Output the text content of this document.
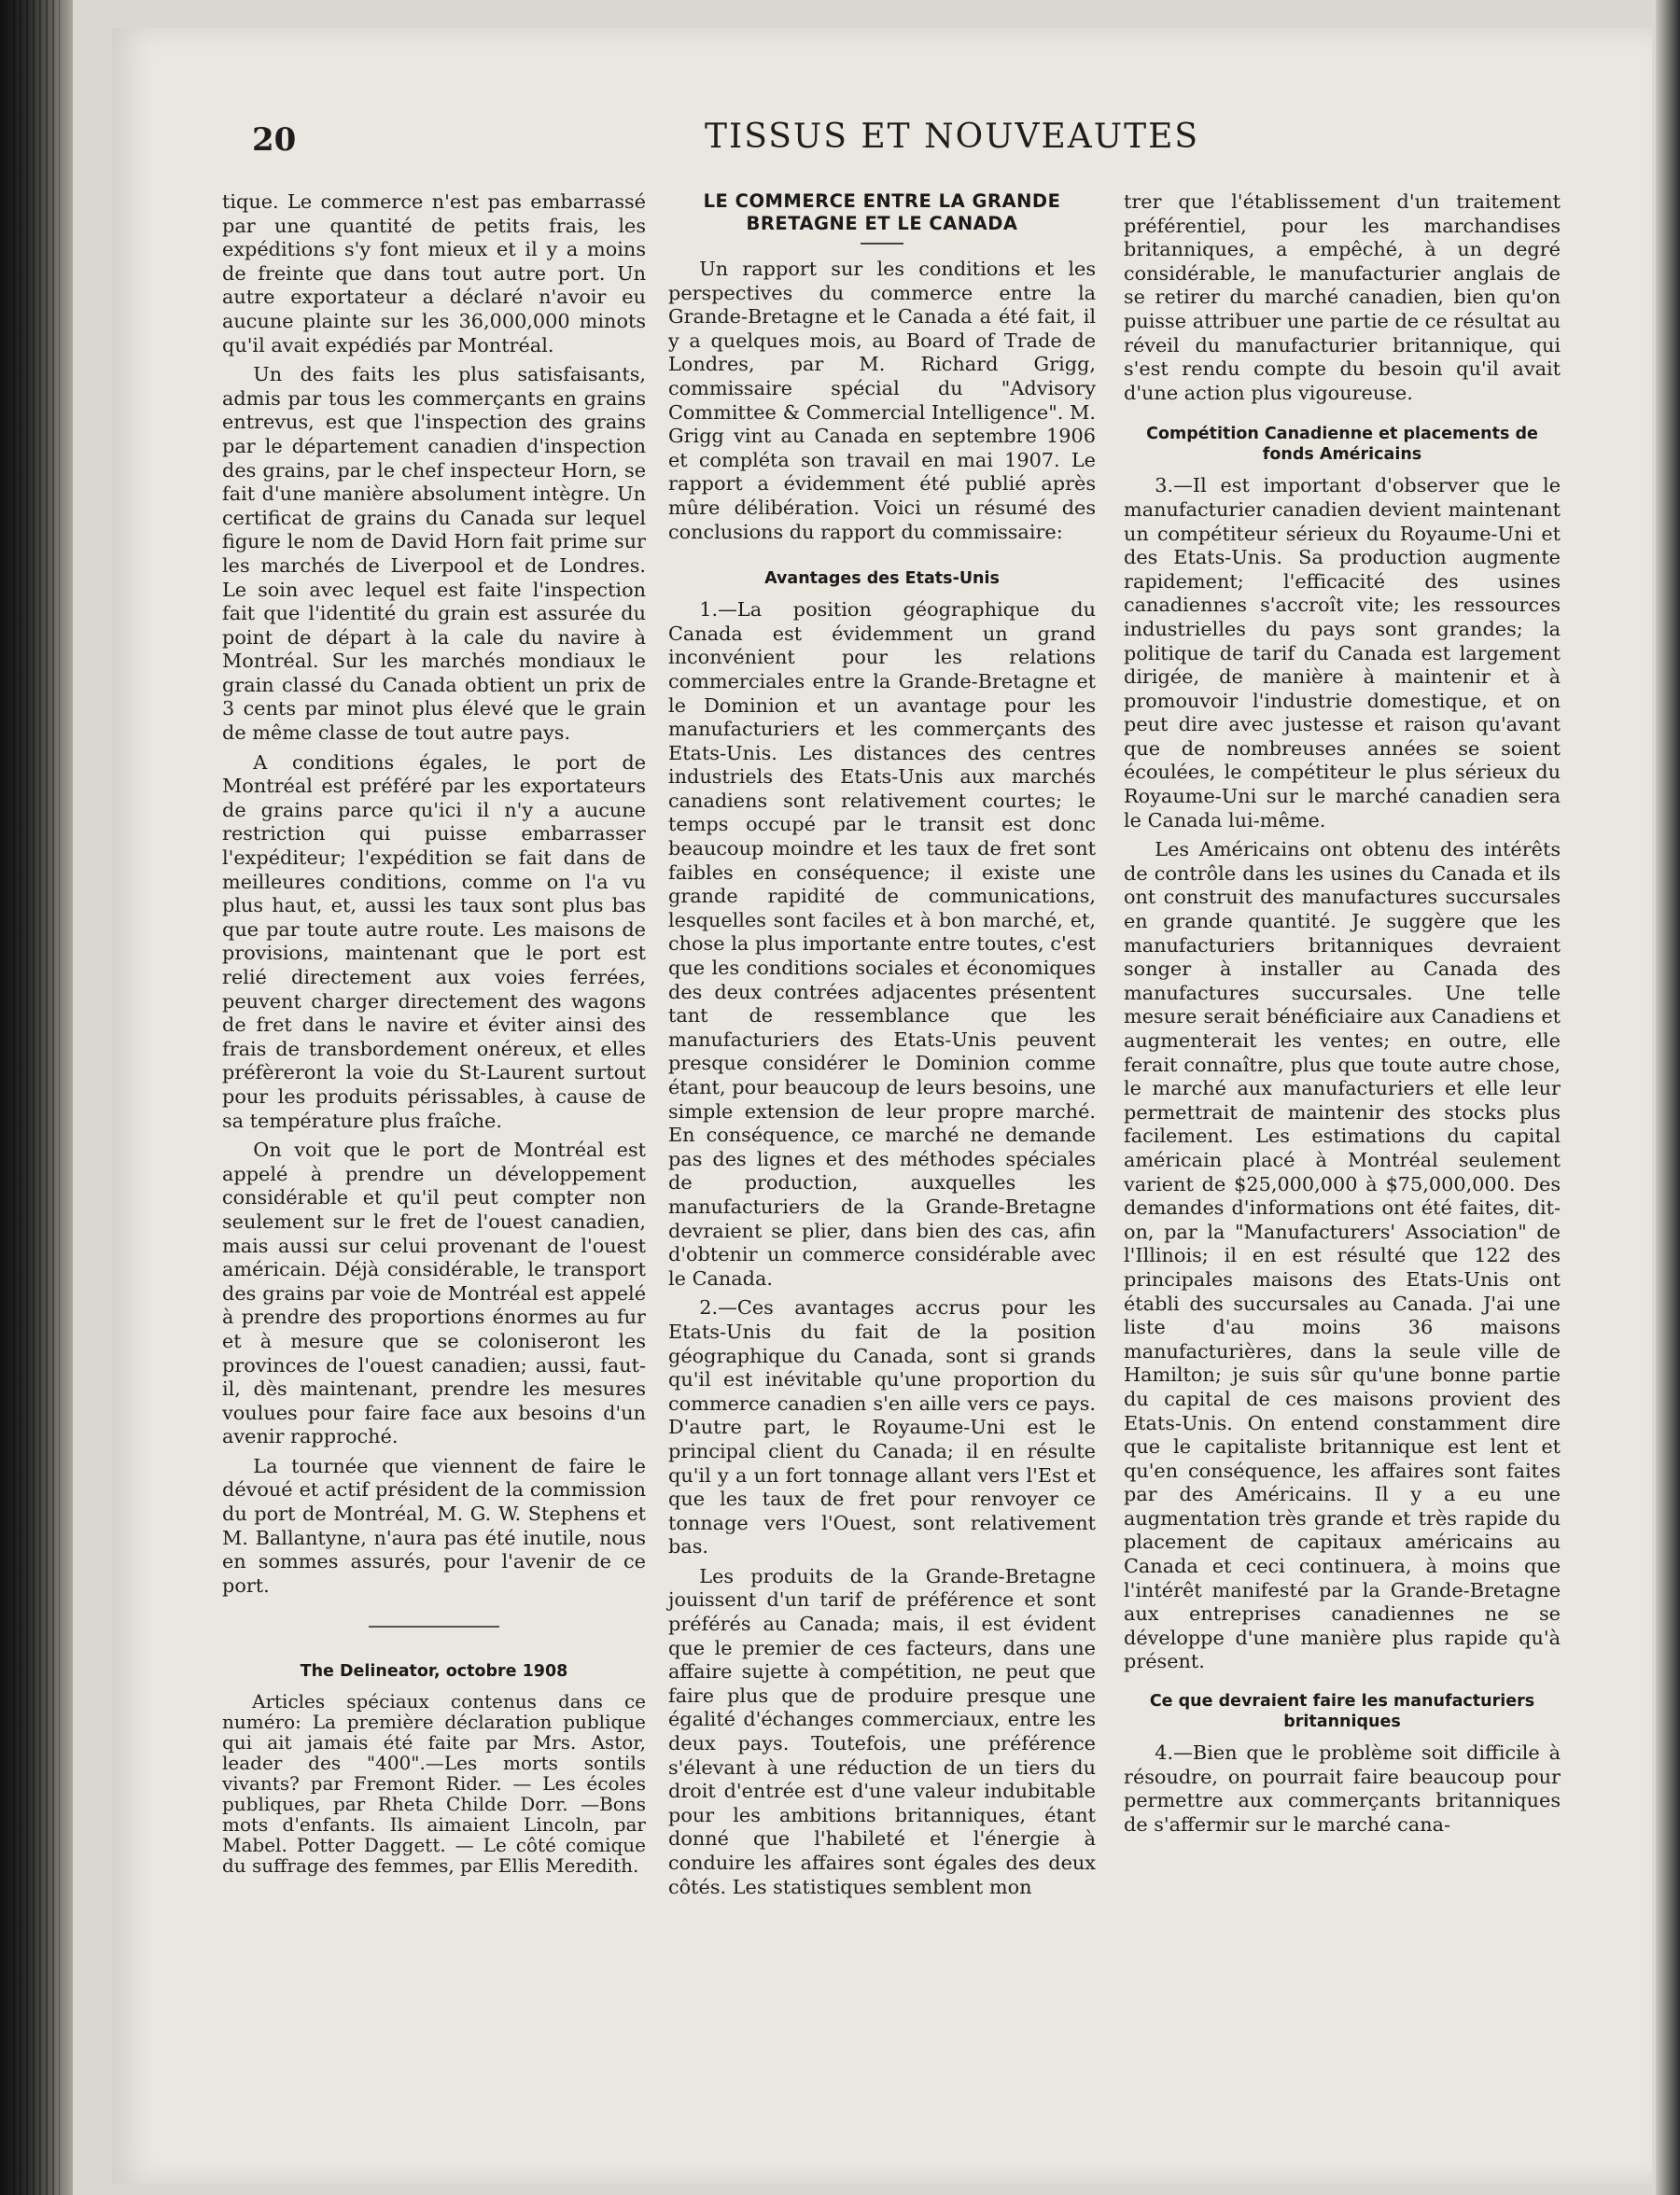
20	TISSUS ET NOUVEAUTES

tique. Le commerce n'est pas embarrassé par une quantité de petits frais, les expéditions s'y font mieux et il y a moins de freinte que dans tout autre port. Un autre exportateur a déclaré n'avoir eu aucune plainte sur les 36,000,000 minots qu'il avait expédiés par Montréal.

Un des faits les plus satisfaisants, admis par tous les commerçants en grains entrevus, est que l'inspection des grains par le département canadien d'inspection des grains, par le chef inspecteur Horn, se fait d'une manière absolument intègre. Un certificat de grains du Canada sur lequel figure le nom de David Horn fait prime sur les marchés de Liverpool et de Londres. Le soin avec lequel est faite l'inspection fait que l'identité du grain est assurée du point de départ à la cale du navire à Montréal. Sur les marchés mondiaux le grain classé du Canada obtient un prix de 3 cents par minot plus élevé que le grain de même classe de tout autre pays.

A conditions égales, le port de Montréal est préféré par les exportateurs de grains parce qu'ici il n'y a aucune restriction qui puisse embarrasser l'expéditeur; l'expédition se fait dans de meilleures conditions, comme on l'a vu plus haut, et, aussi les taux sont plus bas que par toute autre route. Les maisons de provisions, maintenant que le port est relié directement aux voies ferrées, peuvent charger directement des wagons de fret dans le navire et éviter ainsi des frais de transbordement onéreux, et elles préfèreront la voie du St-Laurent surtout pour les produits périssables, à cause de sa température plus fraîche.

On voit que le port de Montréal est appelé à prendre un développement considérable et qu'il peut compter non seulement sur le fret de l'ouest canadien, mais aussi sur celui provenant de l'ouest américain. Déjà considérable, le transport des grains par voie de Montréal est appelé à prendre des proportions énormes au fur et à mesure que se coloniseront les provinces de l'ouest canadien; aussi, faut-il, dès maintenant, prendre les mesures voulues pour faire face aux besoins d'un avenir rapproché.

La tournée que viennent de faire le dévoué et actif président de la commission du port de Montréal, M. G. W. Stephens et M. Ballantyne, n'aura pas été inutile, nous en sommes assurés, pour l'avenir de ce port.

The Delineator, octobre 1908
Articles spéciaux contenus dans ce numéro: La première déclaration publique qui ait jamais été faite par Mrs. Astor, leader des "400".—Les morts sontils vivants? par Fremont Rider. — Les écoles publiques, par Rheta Childe Dorr. —Bons mots d'enfants. Ils aimaient Lincoln, par Mabel. Potter Daggett. — Le côté comique du suffrage des femmes, par Ellis Meredith.
LE COMMERCE ENTRE LA GRANDE BRETAGNE ET LE CANADA

Un rapport sur les conditions et les perspectives du commerce entre la Grande-Bretagne et le Canada a été fait, il y a quelques mois, au Board of Trade de Londres, par M. Richard Grigg, commissaire spécial du "Advisory Committee & Commercial Intelligence". M. Grigg vint au Canada en septembre 1906 et compléta son travail en mai 1907. Le rapport a évidemment été publié après mûre délibération. Voici un résumé des conclusions du rapport du commissaire:

Avantages des Etats-Unis

1.—La position géographique du Canada est évidemment un grand inconvénient pour les relations commerciales entre la Grande-Bretagne et le Dominion et un avantage pour les manufacturiers et les commerçants des Etats-Unis. Les distances des centres industriels des Etats-Unis aux marchés canadiens sont relativement courtes; le temps occupé par le transit est donc beaucoup moindre et les taux de fret sont faibles en conséquence; il existe une grande rapidité de communications, lesquelles sont faciles et à bon marché, et, chose la plus importante entre toutes, c'est que les conditions sociales et économiques des deux contrées adjacentes présentent tant de ressemblance que les manufacturiers des Etats-Unis peuvent presque considérer le Dominion comme étant, pour beaucoup de leurs besoins, une simple extension de leur propre marché. En conséquence, ce marché ne demande pas des lignes et des méthodes spéciales de production, auxquelles les manufacturiers de la Grande-Bretagne devraient se plier, dans bien des cas, afin d'obtenir un commerce considérable avec le Canada.

2.—Ces avantages accrus pour les Etats-Unis du fait de la position géographique du Canada, sont si grands qu'il est inévitable qu'une proportion du commerce canadien s'en aille vers ce pays. D'autre part, le Royaume-Uni est le principal client du Canada; il en résulte qu'il y a un fort tonnage allant vers l'Est et que les taux de fret pour renvoyer ce tonnage vers l'Ouest, sont relativement bas.

Les produits de la Grande-Bretagne jouissent d'un tarif de préférence et sont préférés au Canada; mais, il est évident que le premier de ces facteurs, dans une affaire sujette à compétition, ne peut que faire plus que de produire presque une égalité d'échanges commerciaux, entre les deux pays. Toutefois, une préférence s'élevant à une réduction de un tiers du droit d'entrée est d'une valeur indubitable pour les ambitions britanniques, étant donné que l'habileté et l'énergie à conduire les affaires sont égales des deux côtés. Les statistiques semblent mon

trer que l'établissement d'un traitement préférentiel, pour les marchandises britanniques, a empêché, à un degré considérable, le manufacturier anglais de se retirer du marché canadien, bien qu'on puisse attribuer une partie de ce résultat au réveil du manufacturier britannique, qui s'est rendu compte du besoin qu'il avait d'une action plus vigoureuse.

Compétition Canadienne et placements de fonds Américains

3.—Il est important d'observer que le manufacturier canadien devient maintenant un compétiteur sérieux du Royaume-Uni et des Etats-Unis. Sa production augmente rapidement; l'efficacité des usines canadiennes s'accroît vite; les ressources industrielles du pays sont grandes; la politique de tarif du Canada est largement dirigée, de manière à maintenir et à promouvoir l'industrie domestique, et on peut dire avec justesse et raison qu'avant que de nombreuses années se soient écoulées, le compétiteur le plus sérieux du Royaume-Uni sur le marché canadien sera le Canada lui-même.

Les Américains ont obtenu des intérêts de contrôle dans les usines du Canada et ils ont construit des manufactures succursales en grande quantité. Je suggère que les manufacturiers britanniques devraient songer à installer au Canada des manufactures succursales. Une telle mesure serait bénéficiaire aux Canadiens et augmenterait les ventes; en outre, elle ferait connaître, plus que toute autre chose, le marché aux manufacturiers et elle leur permettrait de maintenir des stocks plus facilement. Les estimations du capital américain placé à Montréal seulement varient de $25,000,000 à $75,000,000. Des demandes d'informations ont été faites, dit-on, par la "Manufacturers' Association" de l'Illinois; il en est résulté que 122 des principales maisons des Etats-Unis ont établi des succursales au Canada. J'ai une liste d'au moins 36 maisons manufacturières, dans la seule ville de Hamilton; je suis sûr qu'une bonne partie du capital de ces maisons provient des Etats-Unis. On entend constamment dire que le capitaliste britannique est lent et qu'en conséquence, les affaires sont faites par des Américains. Il y a eu une augmentation très grande et très rapide du placement de capitaux américains au Canada et ceci continuera, à moins que l'intérêt manifesté par la Grande-Bretagne aux entreprises canadiennes ne se développe d'une manière plus rapide qu'à présent.

Ce que devraient faire les manufacturiers britanniques

4.—Bien que le problème soit difficile à résoudre, on pourrait faire beaucoup pour permettre aux commerçants britanniques de s'affermir sur le marché cana-
